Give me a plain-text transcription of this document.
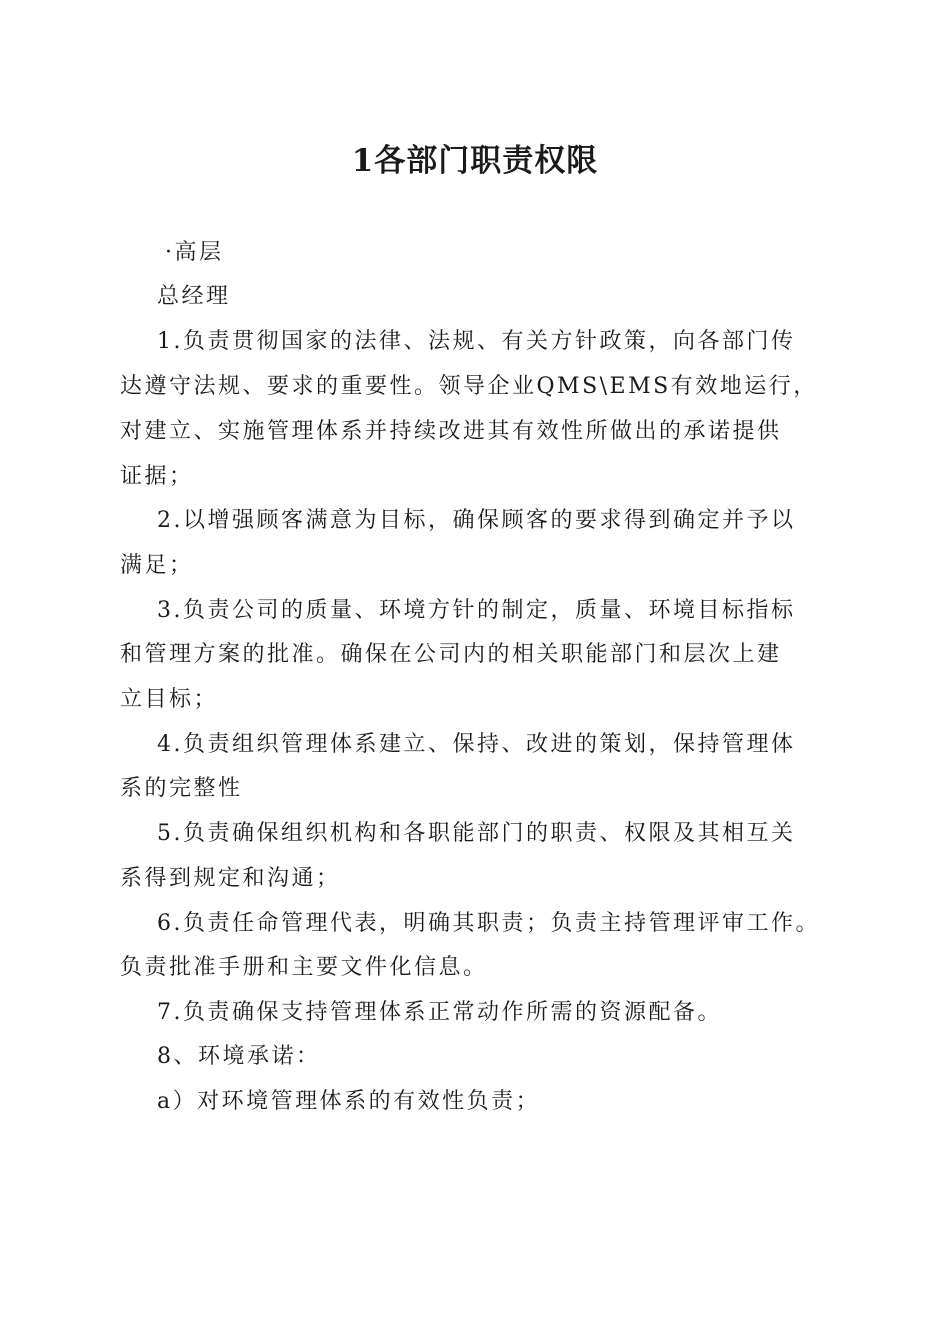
1各部门职责权限

·高层

总经理

1.负责贯彻国家的法律、法规、有关方针政策，向各部门传

达遵守法规、要求的重要性。领导企业QMS\EMS有效地运行，

对建立、实施管理体系并持续改进其有效性所做出的承诺提供

证据；

2.以增强顾客满意为目标，确保顾客的要求得到确定并予以

满足；

3.负责公司的质量、环境方针的制定，质量、环境目标指标

和管理方案的批准。确保在公司内的相关职能部门和层次上建

立目标；

4.负责组织管理体系建立、保持、改进的策划，保持管理体

系的完整性

5.负责确保组织机构和各职能部门的职责、权限及其相互关

系得到规定和沟通；

6.负责任命管理代表，明确其职责；负责主持管理评审工作。

负责批准手册和主要文件化信息。

7.负责确保支持管理体系正常动作所需的资源配备。

8、环境承诺：

a）对环境管理体系的有效性负责；
